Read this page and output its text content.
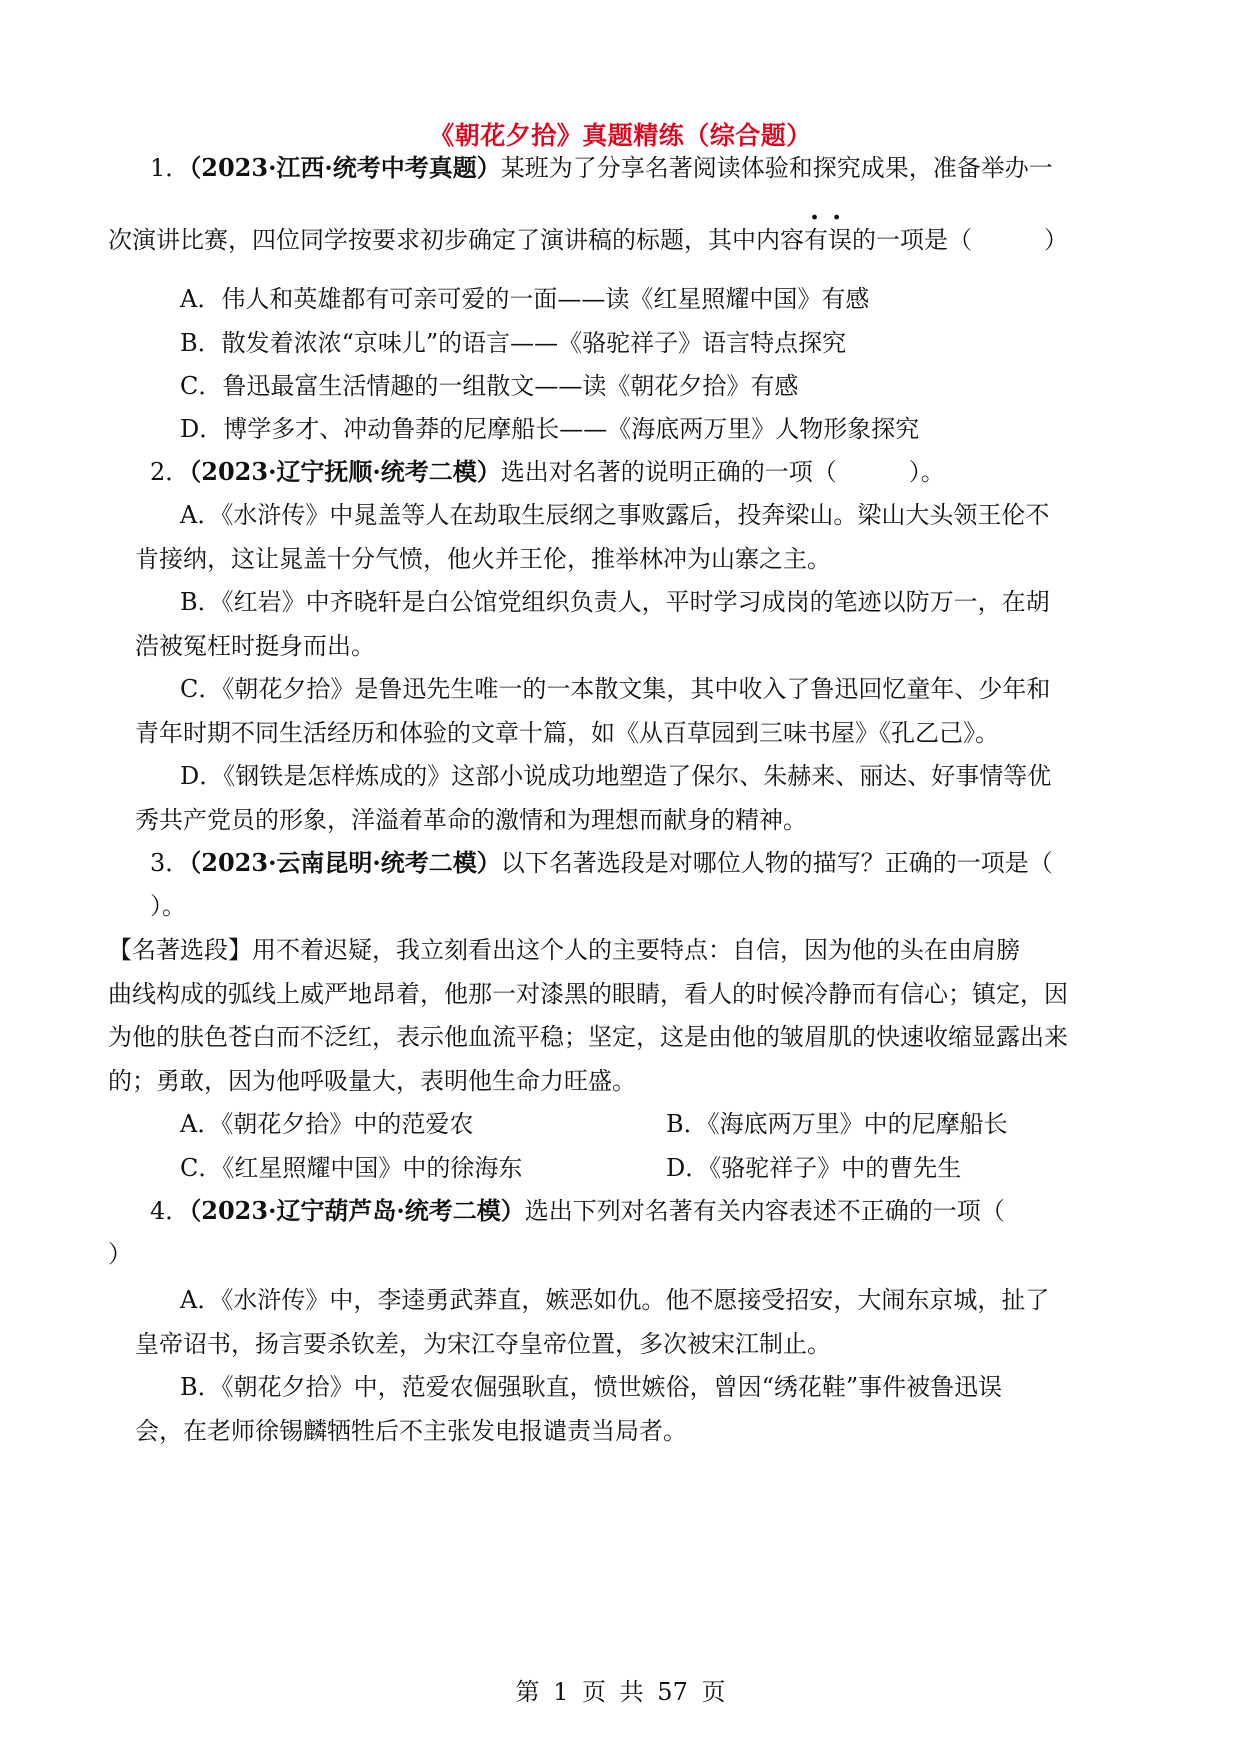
《朝花夕拾》真题精练（综合题）
1．（2023·江西·统考中考真题）某班为了分享名著阅读体验和探究成果，准备举办一
次演讲比赛，四位同学按要求初步确定了演讲稿的标题，其中内容· · 有误的一项是（　　　）
A．伟人和英雄都有可亲可爱的一面——读《红星照耀中国》有感
B．散发着浓浓“京味儿”的语言——《骆驼祥子》语言特点探究
C．鲁迅最富生活情趣的一组散文——读《朝花夕拾》有感
D．博学多才、冲动鲁莽的尼摩船长——《海底两万里》人物形象探究
2．（2023·辽宁抚顺·统考二模）选出对名著的说明正确的一项（　　　）。
A．《水浒传》中晁盖等人在劫取生辰纲之事败露后，投奔梁山。梁山大头领王伦不
肯接纳，这让晁盖十分气愤，他火并王伦，推举林冲为山寨之主。
B．《红岩》中齐晓轩是白公馆党组织负责人，平时学习成岗的笔迹以防万一，在胡
浩被冤枉时挺身而出。
C．《朝花夕拾》是鲁迅先生唯一的一本散文集，其中收入了鲁迅回忆童年、少年和
青年时期不同生活经历和体验的文章十篇，如《从百草园到三味书屋》《孔乙己》。
D．《钢铁是怎样炼成的》这部小说成功地塑造了保尔、朱赫来、丽达、好事情等优
秀共产党员的形象，洋溢着革命的激情和为理想而献身的精神。
3．（2023·云南昆明·统考二模）以下名著选段是对哪位人物的描写？正确的一项是（
）。
【名著选段】用不着迟疑，我立刻看出这个人的主要特点：自信，因为他的头在由肩膀
曲线构成的弧线上威严地昂着，他那一对漆黑的眼睛，看人的时候冷静而有信心；镇定，因
为他的肤色苍白而不泛红，表示他血流平稳；坚定，这是由他的皱眉肌的快速收缩显露出来
的；勇敢，因为他呼吸量大，表明他生命力旺盛。
A．《朝花夕拾》中的范爱农	B．《海底两万里》中的尼摩船长
C．《红星照耀中国》中的徐海东	D．《骆驼祥子》中的曹先生
4．（2023·辽宁葫芦岛·统考二模）选出下列对名著有关内容表述不正确的一项（
）
A．《水浒传》中，李逵勇武莽直，嫉恶如仇。他不愿接受招安，大闹东京城，扯了
皇帝诏书，扬言要杀钦差，为宋江夺皇帝位置，多次被宋江制止。
B．《朝花夕拾》中，范爱农倔强耿直，愤世嫉俗，曾因“绣花鞋”事件被鲁迅误
会，在老师徐锡麟牺牲后不主张发电报谴责当局者。
第 1 页 共 57 页
